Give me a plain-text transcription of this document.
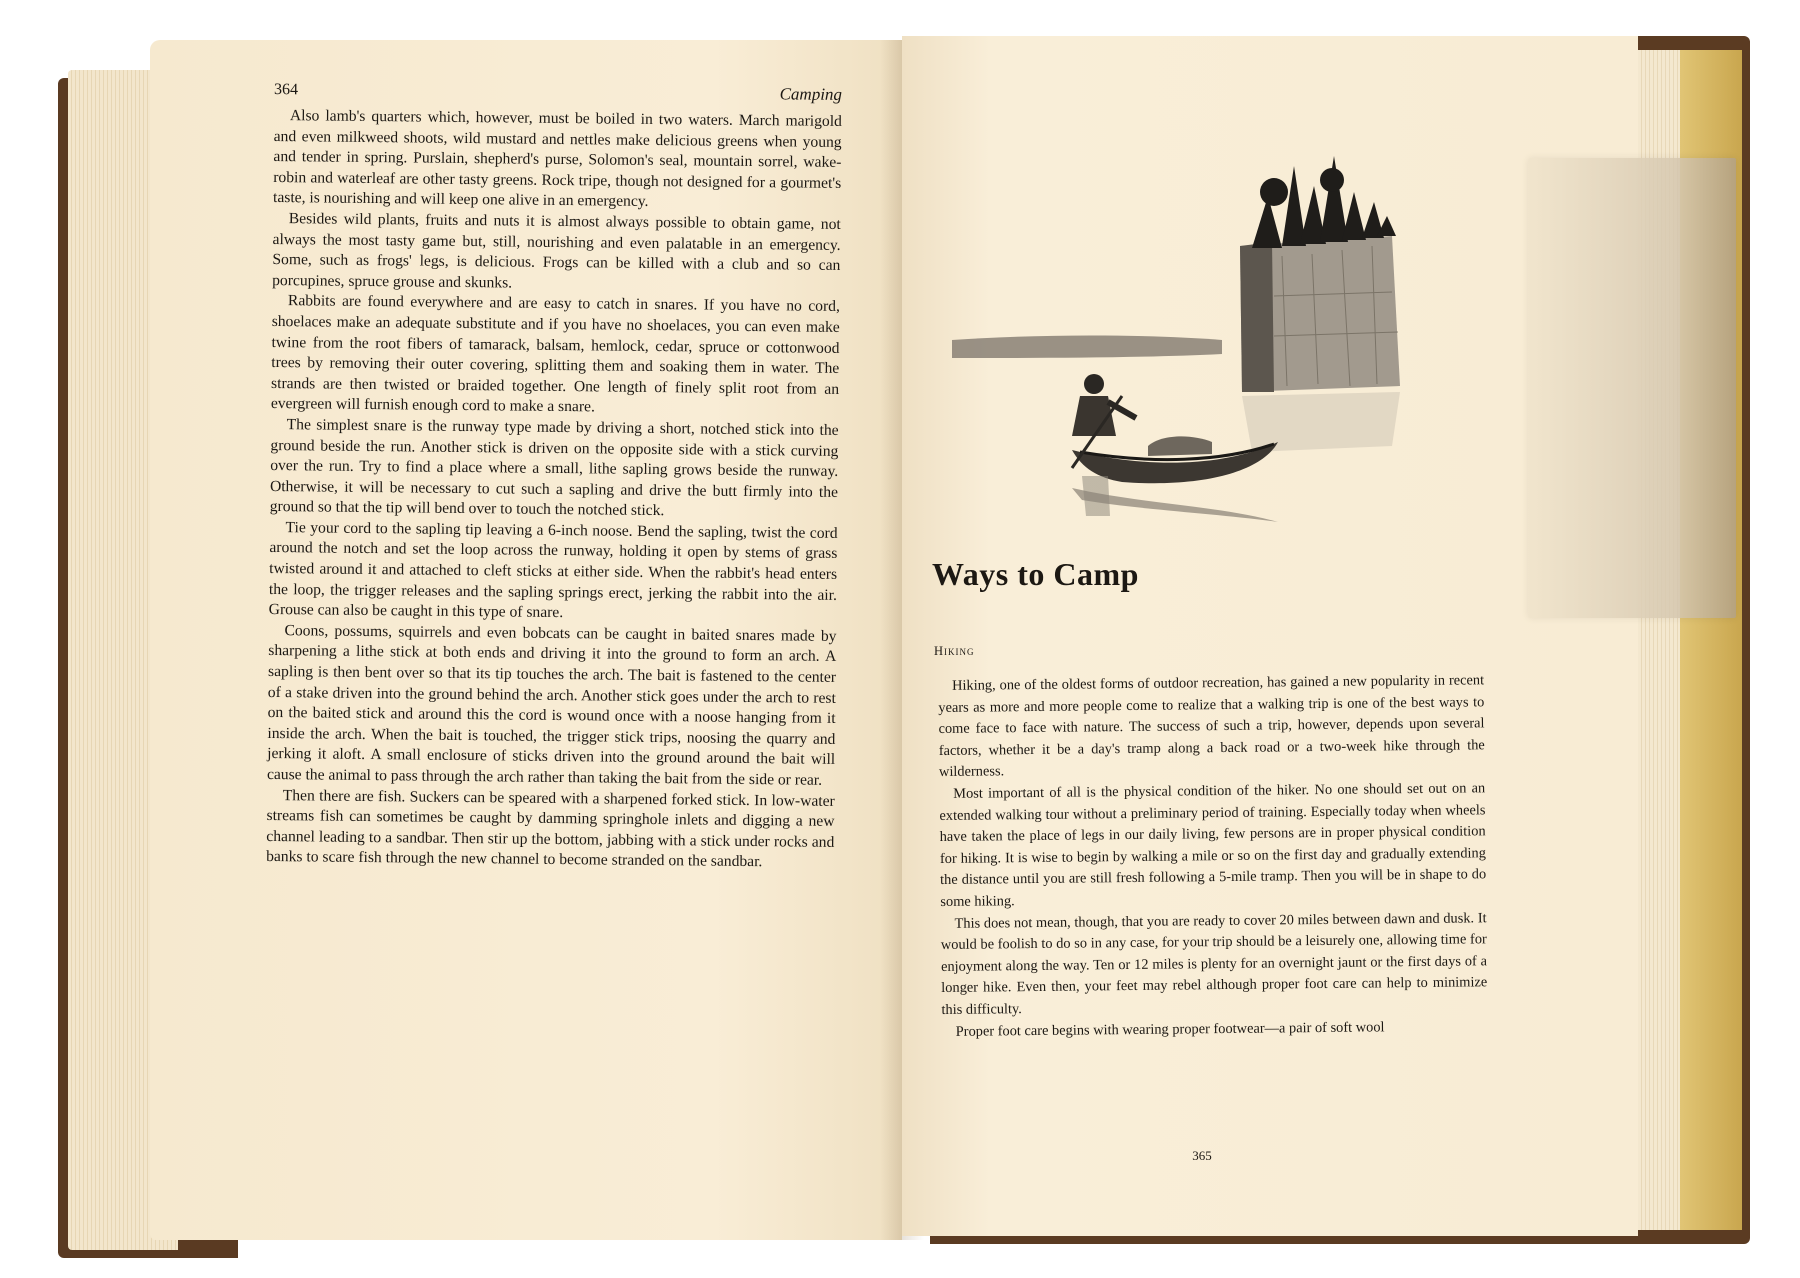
364	Camping

Also lamb's quarters which, however, must be boiled in two waters. March marigold and even milkweed shoots, wild mustard and nettles make delicious greens when young and tender in spring. Purslain, shepherd's purse, Solomon's seal, mountain sorrel, wake-robin and waterleaf are other tasty greens. Rock tripe, though not designed for a gourmet's taste, is nourishing and will keep one alive in an emergency.

Besides wild plants, fruits and nuts it is almost always possible to obtain game, not always the most tasty game but, still, nourishing and even palatable in an emergency. Some, such as frogs' legs, is delicious. Frogs can be killed with a club and so can porcupines, spruce grouse and skunks.

Rabbits are found everywhere and are easy to catch in snares. If you have no cord, shoelaces make an adequate substitute and if you have no shoelaces, you can even make twine from the root fibers of tamarack, balsam, hemlock, cedar, spruce or cottonwood trees by removing their outer covering, splitting them and soaking them in water. The strands are then twisted or braided together. One length of finely split root from an evergreen will furnish enough cord to make a snare.

The simplest snare is the runway type made by driving a short, notched stick into the ground beside the run. Another stick is driven on the opposite side with a stick curving over the run. Try to find a place where a small, lithe sapling grows beside the runway. Otherwise, it will be necessary to cut such a sapling and drive the butt firmly into the ground so that the tip will bend over to touch the notched stick.

Tie your cord to the sapling tip leaving a 6-inch noose. Bend the sapling, twist the cord around the notch and set the loop across the runway, holding it open by stems of grass twisted around it and attached to cleft sticks at either side. When the rabbit's head enters the loop, the trigger releases and the sapling springs erect, jerking the rabbit into the air. Grouse can also be caught in this type of snare.

Coons, possums, squirrels and even bobcats can be caught in baited snares made by sharpening a lithe stick at both ends and driving it into the ground to form an arch. A sapling is then bent over so that its tip touches the arch. The bait is fastened to the center of a stake driven into the ground behind the arch. Another stick goes under the arch to rest on the baited stick and around this the cord is wound once with a noose hanging from it inside the arch. When the bait is touched, the trigger stick trips, noosing the quarry and jerking it aloft. A small enclosure of sticks driven into the ground around the bait will cause the animal to pass through the arch rather than taking the bait from the side or rear.

Then there are fish. Suckers can be speared with a sharpened forked stick. In low-water streams fish can sometimes be caught by damming springhole inlets and digging a new channel leading to a sandbar. Then stir up the bottom, jabbing with a stick under rocks and banks to scare fish through the new channel to become stranded on the sandbar.

Ways to Camp
Hiking

Hiking, one of the oldest forms of outdoor recreation, has gained a new popularity in recent years as more and more people come to realize that a walking trip is one of the best ways to come face to face with nature. The success of such a trip, however, depends upon several factors, whether it be a day's tramp along a back road or a two-week hike through the wilderness.

Most important of all is the physical condition of the hiker. No one should set out on an extended walking tour without a preliminary period of training. Especially today when wheels have taken the place of legs in our daily living, few persons are in proper physical condition for hiking. It is wise to begin by walking a mile or so on the first day and gradually extending the distance until you are still fresh following a 5-mile tramp. Then you will be in shape to do some hiking.

This does not mean, though, that you are ready to cover 20 miles between dawn and dusk. It would be foolish to do so in any case, for your trip should be a leisurely one, allowing time for enjoyment along the way. Ten or 12 miles is plenty for an overnight jaunt or the first days of a longer hike. Even then, your feet may rebel although proper foot care can help to minimize this difficulty.

Proper foot care begins with wearing proper footwear—a pair of soft wool

365
